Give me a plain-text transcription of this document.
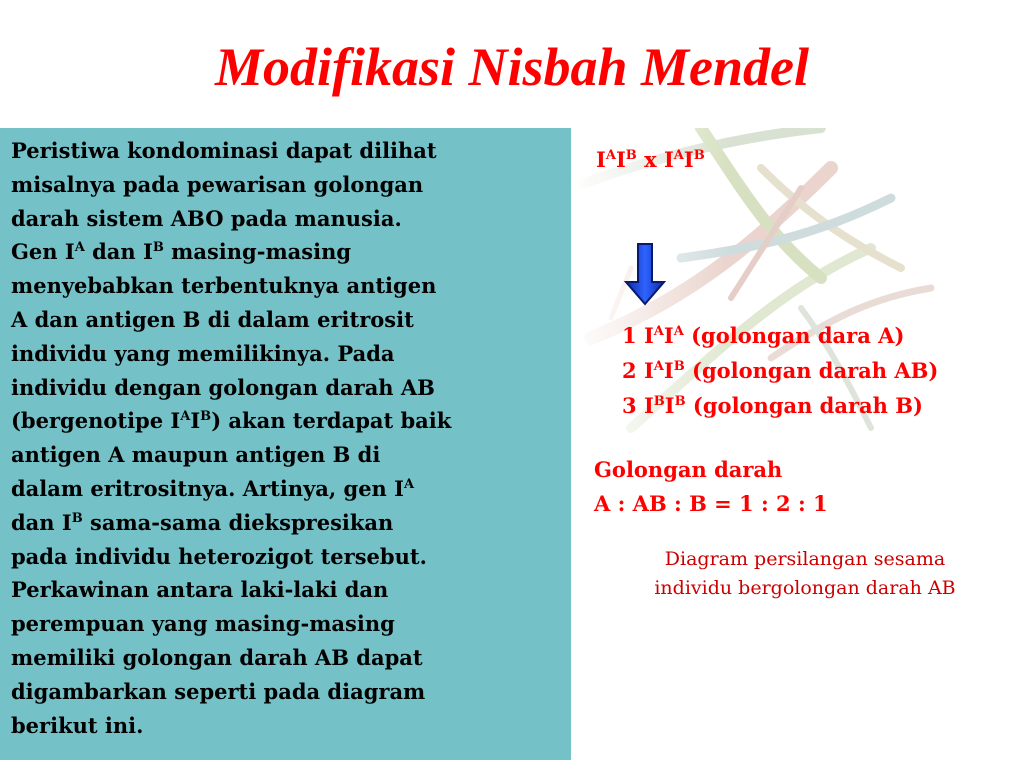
Modifikasi Nisbah Mendel
Peristiwa kondominasi dapat dilihat
misalnya pada pewarisan golongan
darah sistem ABO pada manusia.
Gen $I^A$ dan $I^B$ masing-masing
menyebabkan terbentuknya antigen
A dan antigen B di dalam eritrosit
individu yang memilikinya. Pada
individu dengan golongan darah AB
(bergenotipe $I^AI^B$) akan terdapat baik
antigen A maupun antigen B di
dalam eritrositnya. Artinya, gen $I^A$
dan $I^B$ sama-sama diekspresikan
pada individu heterozigot tersebut.
Perkawinan antara laki-laki dan
perempuan yang masing-masing
memiliki golongan darah AB dapat
digambarkan seperti pada diagram
berikut ini.
$I^AI^B$ x $I^AI^B$
1 $I^AI^A$ (golongan dara A)
2 $I^AI^B$ (golongan darah AB)
3 $I^BI^B$ (golongan darah B)
Golongan darah
A : AB : B = 1 : 2 : 1
Diagram persilangan sesama
individu bergolongan darah AB
